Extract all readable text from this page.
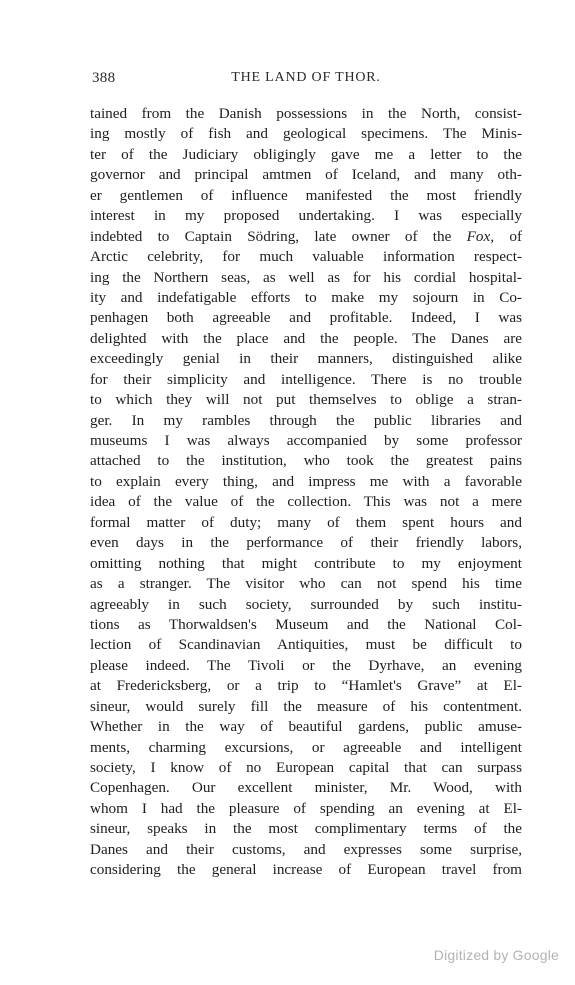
388	THE LAND OF THOR.
tained from the Danish possessions in the North, consist-
ing mostly of fish and geological specimens. The Minis-
ter of the Judiciary obligingly gave me a letter to the
governor and principal amtmen of Iceland, and many oth-
er gentlemen of influence manifested the most friendly
interest in my proposed undertaking. I was especially
indebted to Captain Södring, late owner of the Fox, of
Arctic celebrity, for much valuable information respect-
ing the Northern seas, as well as for his cordial hospital-
ity and indefatigable efforts to make my sojourn in Co-
penhagen both agreeable and profitable. Indeed, I was
delighted with the place and the people. The Danes are
exceedingly genial in their manners, distinguished alike
for their simplicity and intelligence. There is no trouble
to which they will not put themselves to oblige a stran-
ger. In my rambles through the public libraries and
museums I was always accompanied by some professor
attached to the institution, who took the greatest pains
to explain every thing, and impress me with a favorable
idea of the value of the collection. This was not a mere
formal matter of duty; many of them spent hours and
even days in the performance of their friendly labors,
omitting nothing that might contribute to my enjoyment
as a stranger. The visitor who can not spend his time
agreeably in such society, surrounded by such institu-
tions as Thorwaldsen's Museum and the National Col-
lection of Scandinavian Antiquities, must be difficult to
please indeed. The Tivoli or the Dyrhave, an evening
at Fredericksberg, or a trip to “Hamlet's Grave” at El-
sineur, would surely fill the measure of his contentment.
Whether in the way of beautiful gardens, public amuse-
ments, charming excursions, or agreeable and intelligent
society, I know of no European capital that can surpass
Copenhagen. Our excellent minister, Mr. Wood, with
whom I had the pleasure of spending an evening at El-
sineur, speaks in the most complimentary terms of the
Danes and their customs, and expresses some surprise,
considering the general increase of European travel from
Digitized by Google
